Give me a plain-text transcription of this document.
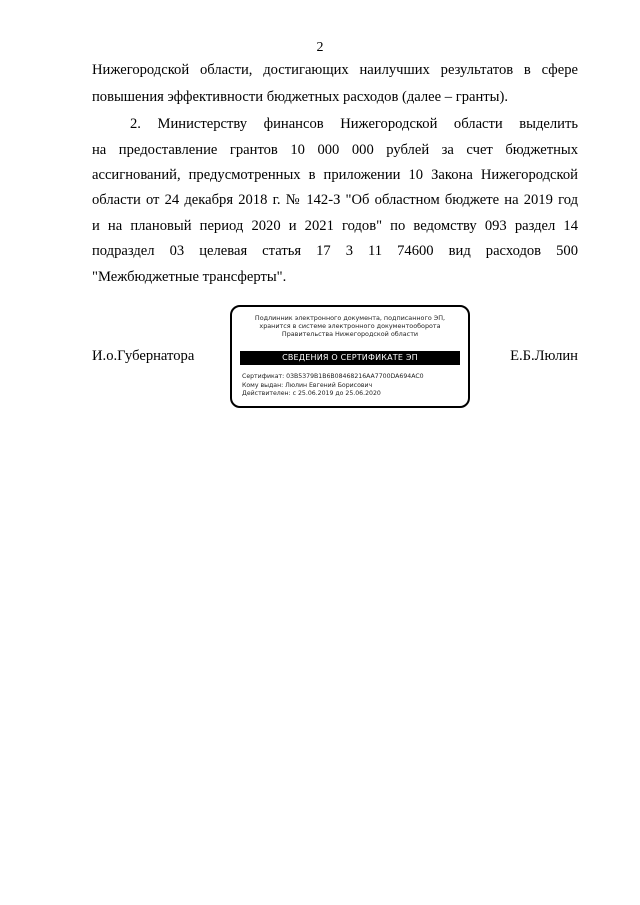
2
Нижегородской области, достигающих наилучших результатов в сфере
повышения эффективности бюджетных расходов (далее – гранты).
2. Министерству финансов Нижегородской области выделить
на предоставление грантов 10 000 000 рублей за счет бюджетных
ассигнований, предусмотренных в приложении 10 Закона Нижегородской
области от 24 декабря 2018 г. № 142-З "Об областном бюджете на 2019 год
и на плановый период 2020 и 2021 годов" по ведомству 093 раздел 14
подраздел 03 целевая статья 17 3 11 74600 вид расходов 500
"Межбюджетные трансферты".
И.о.Губернатора	Е.Б.Люлин
Подлинник электронного документа, подписанного ЭП,
хранится в системе электронного документооборота
Правительства Нижегородской области
СВЕДЕНИЯ О СЕРТИФИКАТЕ ЭП
Сертификат: 03B5379B1B6B08468216AA7700DA694AC0
Кому выдан: Люлин Евгений Борисович
Действителен: с 25.06.2019 до 25.06.2020
